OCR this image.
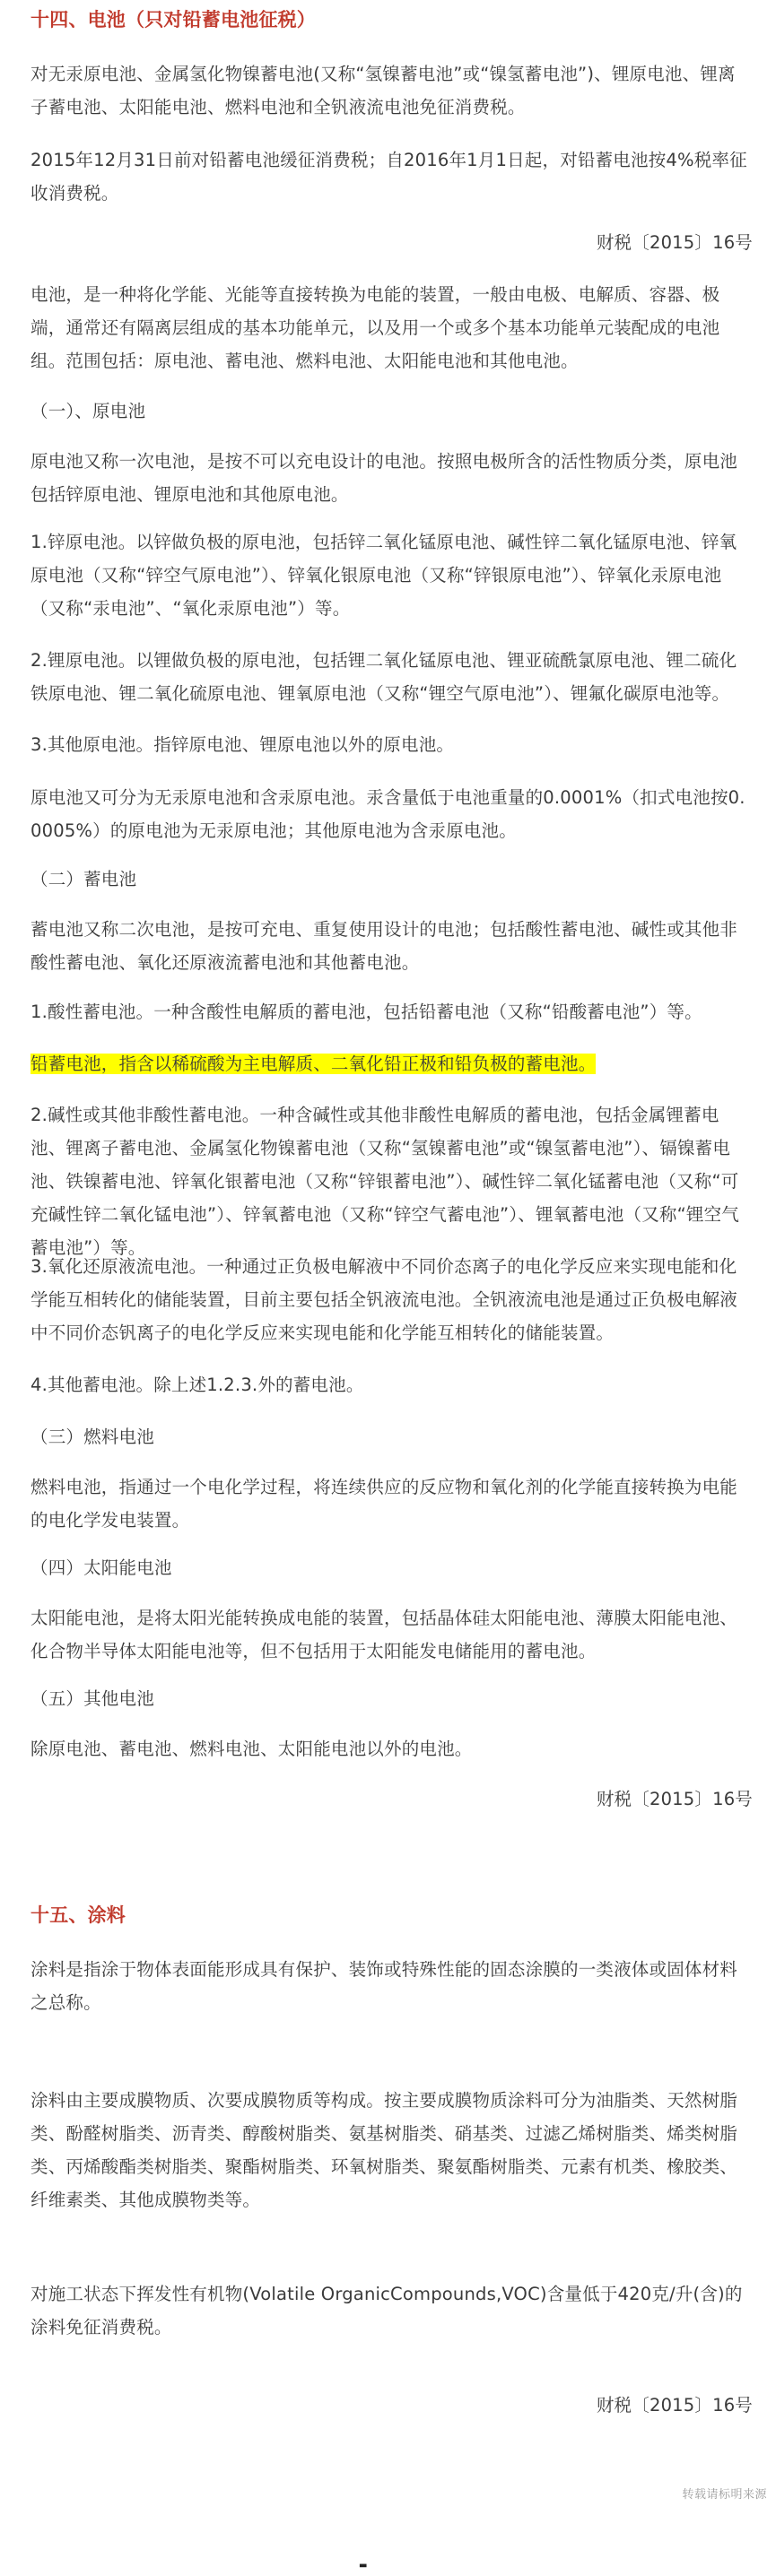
十四、电池（只对铅蓄电池征税）

对无汞原电池、金属氢化物镍蓄电池(又称“氢镍蓄电池”或“镍氢蓄电池”)、锂原电池、锂离子蓄电池、太阳能电池、燃料电池和全钒液流电池免征消费税。

2015年12月31日前对铅蓄电池缓征消费税；自2016年1月1日起，对铅蓄电池按4%税率征收消费税。

财税〔2015〕16号

电池，是一种将化学能、光能等直接转换为电能的装置，一般由电极、电解质、容器、极端，通常还有隔离层组成的基本功能单元，以及用一个或多个基本功能单元装配成的电池组。范围包括：原电池、蓄电池、燃料电池、太阳能电池和其他电池。

（一）、原电池

原电池又称一次电池，是按不可以充电设计的电池。按照电极所含的活性物质分类，原电池包括锌原电池、锂原电池和其他原电池。

1.锌原电池。以锌做负极的原电池，包括锌二氧化锰原电池、碱性锌二氧化锰原电池、锌氧原电池（又称“锌空气原电池”）、锌氧化银原电池（又称“锌银原电池”）、锌氧化汞原电池（又称“汞电池”、“氧化汞原电池”）等。

2.锂原电池。以锂做负极的原电池，包括锂二氧化锰原电池、锂亚硫酰氯原电池、锂二硫化铁原电池、锂二氧化硫原电池、锂氧原电池（又称“锂空气原电池”）、锂氟化碳原电池等。

3.其他原电池。指锌原电池、锂原电池以外的原电池。

原电池又可分为无汞原电池和含汞原电池。汞含量低于电池重量的0.0001%（扣式电池按0.0005%）的原电池为无汞原电池；其他原电池为含汞原电池。

（二）蓄电池

蓄电池又称二次电池，是按可充电、重复使用设计的电池；包括酸性蓄电池、碱性或其他非酸性蓄电池、氧化还原液流蓄电池和其他蓄电池。

1.酸性蓄电池。一种含酸性电解质的蓄电池，包括铅蓄电池（又称“铅酸蓄电池”）等。

铅蓄电池，指含以稀硫酸为主电解质、二氧化铅正极和铅负极的蓄电池。

2.碱性或其他非酸性蓄电池。一种含碱性或其他非酸性电解质的蓄电池，包括金属锂蓄电池、锂离子蓄电池、金属氢化物镍蓄电池（又称“氢镍蓄电池”或“镍氢蓄电池”）、镉镍蓄电池、铁镍蓄电池、锌氧化银蓄电池（又称“锌银蓄电池”）、碱性锌二氧化锰蓄电池（又称“可充碱性锌二氧化锰电池”）、锌氧蓄电池（又称“锌空气蓄电池”）、锂氧蓄电池（又称“锂空气蓄电池”）等。

3.氧化还原液流电池。一种通过正负极电解液中不同价态离子的电化学反应来实现电能和化学能互相转化的储能装置，目前主要包括全钒液流电池。全钒液流电池是通过正负极电解液中不同价态钒离子的电化学反应来实现电能和化学能互相转化的储能装置。

4.其他蓄电池。除上述1.2.3.外的蓄电池。

（三）燃料电池

燃料电池，指通过一个电化学过程，将连续供应的反应物和氧化剂的化学能直接转换为电能的电化学发电装置。

（四）太阳能电池

太阳能电池，是将太阳光能转换成电能的装置，包括晶体硅太阳能电池、薄膜太阳能电池、化合物半导体太阳能电池等，但不包括用于太阳能发电储能用的蓄电池。

（五）其他电池

除原电池、蓄电池、燃料电池、太阳能电池以外的电池。

财税〔2015〕16号

十五、涂料

涂料是指涂于物体表面能形成具有保护、装饰或特殊性能的固态涂膜的一类液体或固体材料之总称。

涂料由主要成膜物质、次要成膜物质等构成。按主要成膜物质涂料可分为油脂类、天然树脂类、酚醛树脂类、沥青类、醇酸树脂类、氨基树脂类、硝基类、过滤乙烯树脂类、烯类树脂类、丙烯酸酯类树脂类、聚酯树脂类、环氧树脂类、聚氨酯树脂类、元素有机类、橡胶类、纤维素类、其他成膜物类等。

对施工状态下挥发性有机物(Volatile OrganicCompounds,VOC)含量低于420克/升(含)的涂料免征消费税。

财税〔2015〕16号

转载请标明来源
▬
